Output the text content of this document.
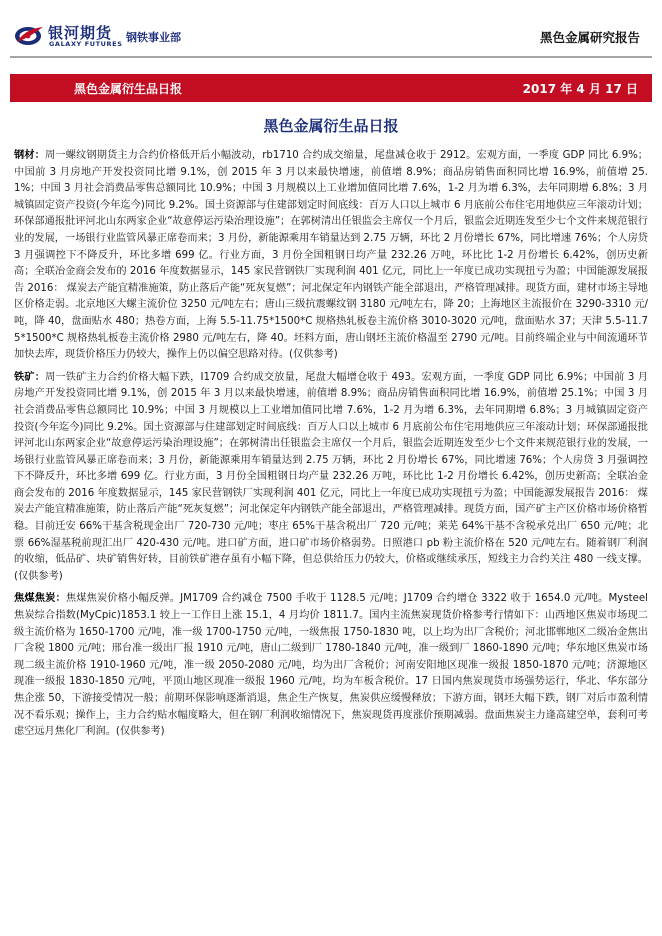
银河期货
GALAXY FUTURES 钢铁事业部	黑色金属研究报告
黑色金属衍生品日报	2017 年 4 月 17 日
黑色金属衍生品日报

钢材：周一螺纹钢期货主力合约价格低开后小幅波动，rb1710 合约成交缩量，尾盘减仓收于 2912。宏观方面，一季度 GDP 同比 6.9%；中国前 3 月房地产开发投资同比增 9.1%，创 2015 年 3 月以来最快增速，前值增 8.9%；商品房销售面积同比增 16.9%，前值增 25.1%；中国 3 月社会消费品零售总额同比 10.9%；中国 3 月规模以上工业增加值同比增 7.6%，1-2 月为增 6.3%，去年同期增 6.8%；3 月城镇固定资产投资(今年迄今)同比 9.2%。国土资源部与住建部划定时间底线：百万人口以上城市 6 月底前公布住宅用地供应三年滚动计划；环保部通报批评河北山东两家企业“故意停运污染治理设施”；在郭树清出任银监会主席仅一个月后，银监会近期连发至少七个文件来规范银行业的发展，一场银行业监管风暴正席卷而来；3 月份，新能源乘用车销量达到 2.75 万辆，环比 2 月份增长 67%，同比增速 76%；个人房贷 3 月强调控下不降反升，环比多增 699 亿。行业方面，3 月份全国粗钢日均产量 232.26 万吨，环比比 1-2 月份增长 6.42%，创历史新高；全联冶金商会发布的 2016 年度数据显示，145 家民营钢铁厂实现利润 401 亿元，同比上一年度已成功实现扭亏为盈；中国能源发展报告 2016： 煤炭去产能宜精准施策，防止落后产能“死灰复燃”；河北保定年内钢铁产能全部退出，严格管理减排。现货方面，建材市场主导地区价格走弱。北京地区大螺主流价位 3250 元/吨左右；唐山三级抗震螺纹钢 3180 元/吨左右，降 20；上海地区主流报价在 3290-3310 元/吨，降 40，盘面贴水 480；热卷方面，上海 5.5-11.75*1500*C 规格热轧板卷主流价格 3010-3020 元/吨，盘面贴水 37；天津 5.5-11.75*1500*C 规格热轧板卷主流价格 2980 元/吨左右，降 40。坯料方面，唐山钢坯主流价格温至 2790 元/吨。目前终端企业与中间流通环节加快去库，现货价格压力仍较大，操作上仍以偏空思路对待。(仅供参考)

铁矿：周一铁矿主力合约价格大幅下跌，I1709 合约成交放量，尾盘大幅增仓收于 493。宏观方面，一季度 GDP 同比 6.9%；中国前 3 月房地产开发投资同比增 9.1%，创 2015 年 3 月以来最快增速，前值增 8.9%；商品房销售面积同比增 16.9%，前值增 25.1%；中国 3 月社会消费品零售总额同比 10.9%；中国 3 月规模以上工业增加值同比增 7.6%，1-2 月为增 6.3%，去年同期增 6.8%；3 月城镇固定资产投资(今年迄今)同比 9.2%。国土资源部与住建部划定时间底线：百万人口以上城市 6 月底前公布住宅用地供应三年滚动计划；环保部通报批评河北山东两家企业“故意停运污染治理设施”；在郭树清出任银监会主席仅一个月后，银监会近期连发至少七个文件来规范银行业的发展，一场银行业监管风暴正席卷而来；3 月份，新能源乘用车销量达到 2.75 万辆，环比 2 月份增长 67%，同比增速 76%；个人房贷 3 月强调控下不降反升，环比多增 699 亿。行业方面，3 月份全国粗钢日均产量 232.26 万吨，环比比 1-2 月份增长 6.42%，创历史新高；全联冶金商会发布的 2016 年度数据显示，145 家民营钢铁厂实现利润 401 亿元，同比上一年度已成功实现扭亏为盈；中国能源发展报告 2016： 煤炭去产能宜精准施策，防止落后产能“死灰复燃”；河北保定年内钢铁产能全部退出，严格管理减排。现货方面，国产矿主产区价格市场价格暂稳。目前迁安 66%干基含税现金出厂 720-730 元/吨；枣庄 65%干基含税出厂 720 元/吨；莱芜 64%干基不含税承兑出厂 650 元/吨；北票 66%湿基税前现汇出厂 420-430 元/吨。进口矿方面，进口矿市场价格弱势。日照港口 pb 粉主流价格在 520 元/吨左右。随着钢厂利润的收缩，低品矿、块矿销售好转，目前铁矿港存虽有小幅下降，但总供给压力仍较大，价格或继续承压，短线主力合约关注 480 一线支撑。(仅供参考)

焦煤焦炭：焦煤焦炭价格小幅反弹。JM1709 合约减仓 7500 手收于 1128.5 元/吨；J1709 合约增仓 3322 收于 1654.0 元/吨。Mysteel 焦炭综合指数(MyCpic)1853.1 较上一工作日上涨 15.1，4 月均价 1811.7。国内主流焦炭现货价格参考行情如下：山西地区焦炭市场现二级主流价格为 1650-1700 元/吨，准一级 1700-1750 元/吨，一级焦报 1750-1830 吨，以上均为出厂含税价；河北邯郸地区二级冶金焦出厂含税 1800 元/吨；邢台准一级出厂报 1910 元/吨，唐山二级到厂 1780-1840 元/吨，准一级到厂 1860-1890 元/吨；华东地区焦炭市场现二级主流价格 1910-1960 元/吨，准一级 2050-2080 元/吨，均为出厂含税价；河南安阳地区现准一级报 1850-1870 元/吨；济源地区现准一级报 1830-1850 元/吨，平顶山地区现准一级报 1960 元/吨，均为车板含税价。17 日国内焦炭现货市场强势运行，华北、华东部分焦企涨 50，下游接受情况一般；前期环保影响逐渐消退，焦企生产恢复，焦炭供应缓慢释放；下游方面，钢坯大幅下跌，钢厂对后市盈利情况不看乐观；操作上，主力合约贴水幅度略大，但在钢厂利润收缩情况下，焦炭现货再度涨价预期减弱。盘面焦炭主力逢高建空单，套利可考虑空远月焦化厂利润。(仅供参考)
